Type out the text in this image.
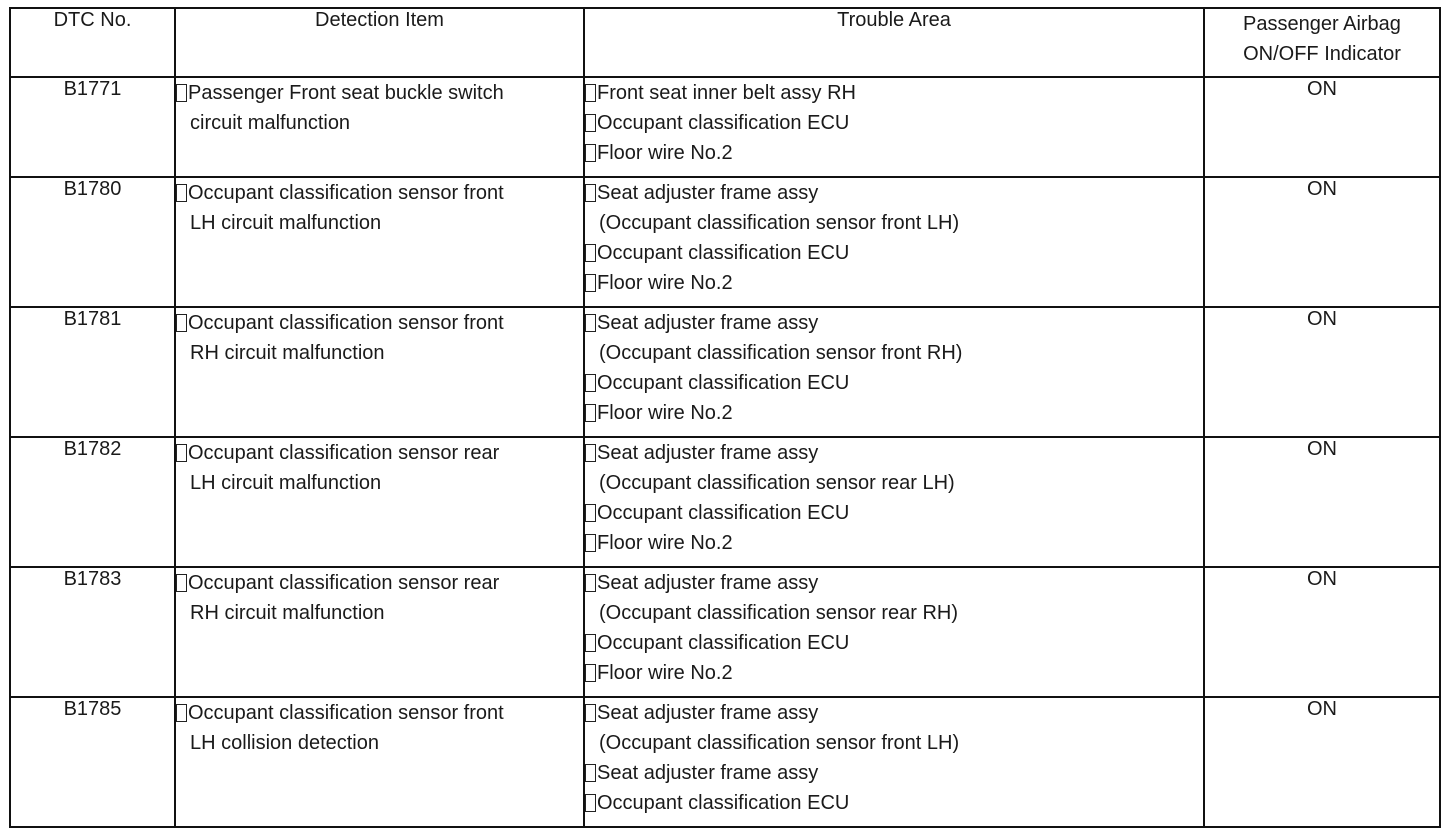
DTC No.	Detection Item	Trouble Area	Passenger Airbag
ON/OFF Indicator
B1771	Passenger Front seat buckle switch
circuit malfunction	Front seat inner belt assy RH
Occupant classification ECU
Floor wire No.2	ON
B1780	Occupant classification sensor front
LH circuit malfunction	Seat adjuster frame assy
(Occupant classification sensor front LH)
Occupant classification ECU
Floor wire No.2	ON
B1781	Occupant classification sensor front
RH circuit malfunction	Seat adjuster frame assy
(Occupant classification sensor front RH)
Occupant classification ECU
Floor wire No.2	ON
B1782	Occupant classification sensor rear
LH circuit malfunction	Seat adjuster frame assy
(Occupant classification sensor rear LH)
Occupant classification ECU
Floor wire No.2	ON
B1783	Occupant classification sensor rear
RH circuit malfunction	Seat adjuster frame assy
(Occupant classification sensor rear RH)
Occupant classification ECU
Floor wire No.2	ON
B1785	Occupant classification sensor front
LH collision detection	Seat adjuster frame assy
(Occupant classification sensor front LH)
Seat adjuster frame assy
Occupant classification ECU	ON
